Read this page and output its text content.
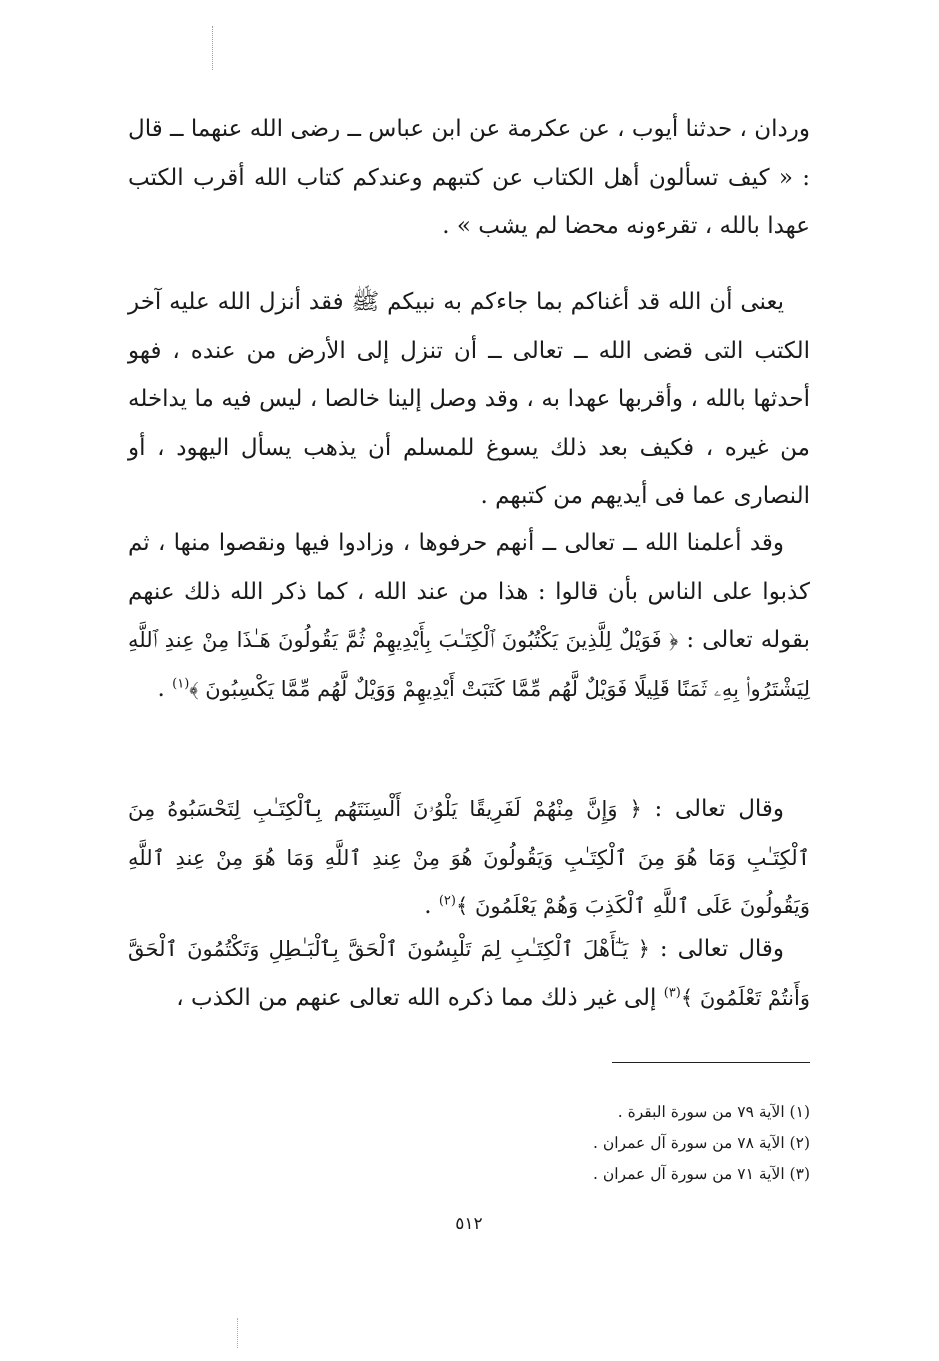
وردان ، حدثنا أيوب ، عن عكرمة عن ابن عباس ــ رضى الله عنهما ــ قال : « كيف تسألون أهل الكتاب عن كتبهم وعندكم كتاب الله أقرب الكتب عهدا بالله ، تقرءونه محضا لم يشب » .

يعنى أن الله قد أغناكم بما جاءكم به نبيكم ﷺ فقد أنزل الله عليه آخر الكتب التى قضى الله ــ تعالى ــ أن تنزل إلى الأرض من عنده ، فهو أحدثها بالله ، وأقربها عهدا به ، وقد وصل إلينا خالصا ، ليس فيه ما يداخله من غيره ، فكيف بعد ذلك يسوغ للمسلم أن يذهب يسأل اليهود ، أو النصارى عما فى أيديهم من كتبهم .

وقد أعلمنا الله ــ تعالى ــ أنهم حرفوها ، وزادوا فيها ونقصوا منها ، ثم كذبوا على الناس بأن قالوا : هذا من عند الله ، كما ذكر الله ذلك عنهم بقوله تعالى : ﴿ فَوَيْلٌ لِلَّذِينَ يَكْتُبُونَ ٱلْكِتَـٰبَ بِأَيْدِيهِمْ ثُمَّ يَقُولُونَ هَـٰذَا مِنْ عِندِ ٱللَّهِ لِيَشْتَرُوا۟ بِهِۦ ثَمَنًا قَلِيلًا فَوَيْلٌ لَّهُم مِّمَّا كَتَبَتْ أَيْدِيهِمْ وَوَيْلٌ لَّهُم مِّمَّا يَكْسِبُونَ ﴾$^{(١)}$ .

وقال تعالى : ﴿ وَإِنَّ مِنْهُمْ لَفَرِيقًا يَلْوُۥنَ أَلْسِنَتَهُم بِٱلْكِتَـٰبِ لِتَحْسَبُوهُ مِنَ ٱلْكِتَـٰبِ وَمَا هُوَ مِنَ ٱلْكِتَـٰبِ وَيَقُولُونَ هُوَ مِنْ عِندِ ٱللَّهِ وَمَا هُوَ مِنْ عِندِ ٱللَّهِ وَيَقُولُونَ عَلَى ٱللَّهِ ٱلْكَذِبَ وَهُمْ يَعْلَمُونَ ﴾$^{(٢)}$ .

وقال تعالى : ﴿ يَـٰٓأَهْلَ ٱلْكِتَـٰبِ لِمَ تَلْبِسُونَ ٱلْحَقَّ بِٱلْبَـٰطِلِ وَتَكْتُمُونَ ٱلْحَقَّ وَأَنتُمْ تَعْلَمُونَ ﴾$^{(٣)}$ إلى غير ذلك مما ذكره الله تعالى عنهم من الكذب ،

(١) الآية ٧٩ من سورة البقرة .
(٢) الآية ٧٨ من سورة آل عمران .
(٣) الآية ٧١ من سورة آل عمران .
٥١٢
